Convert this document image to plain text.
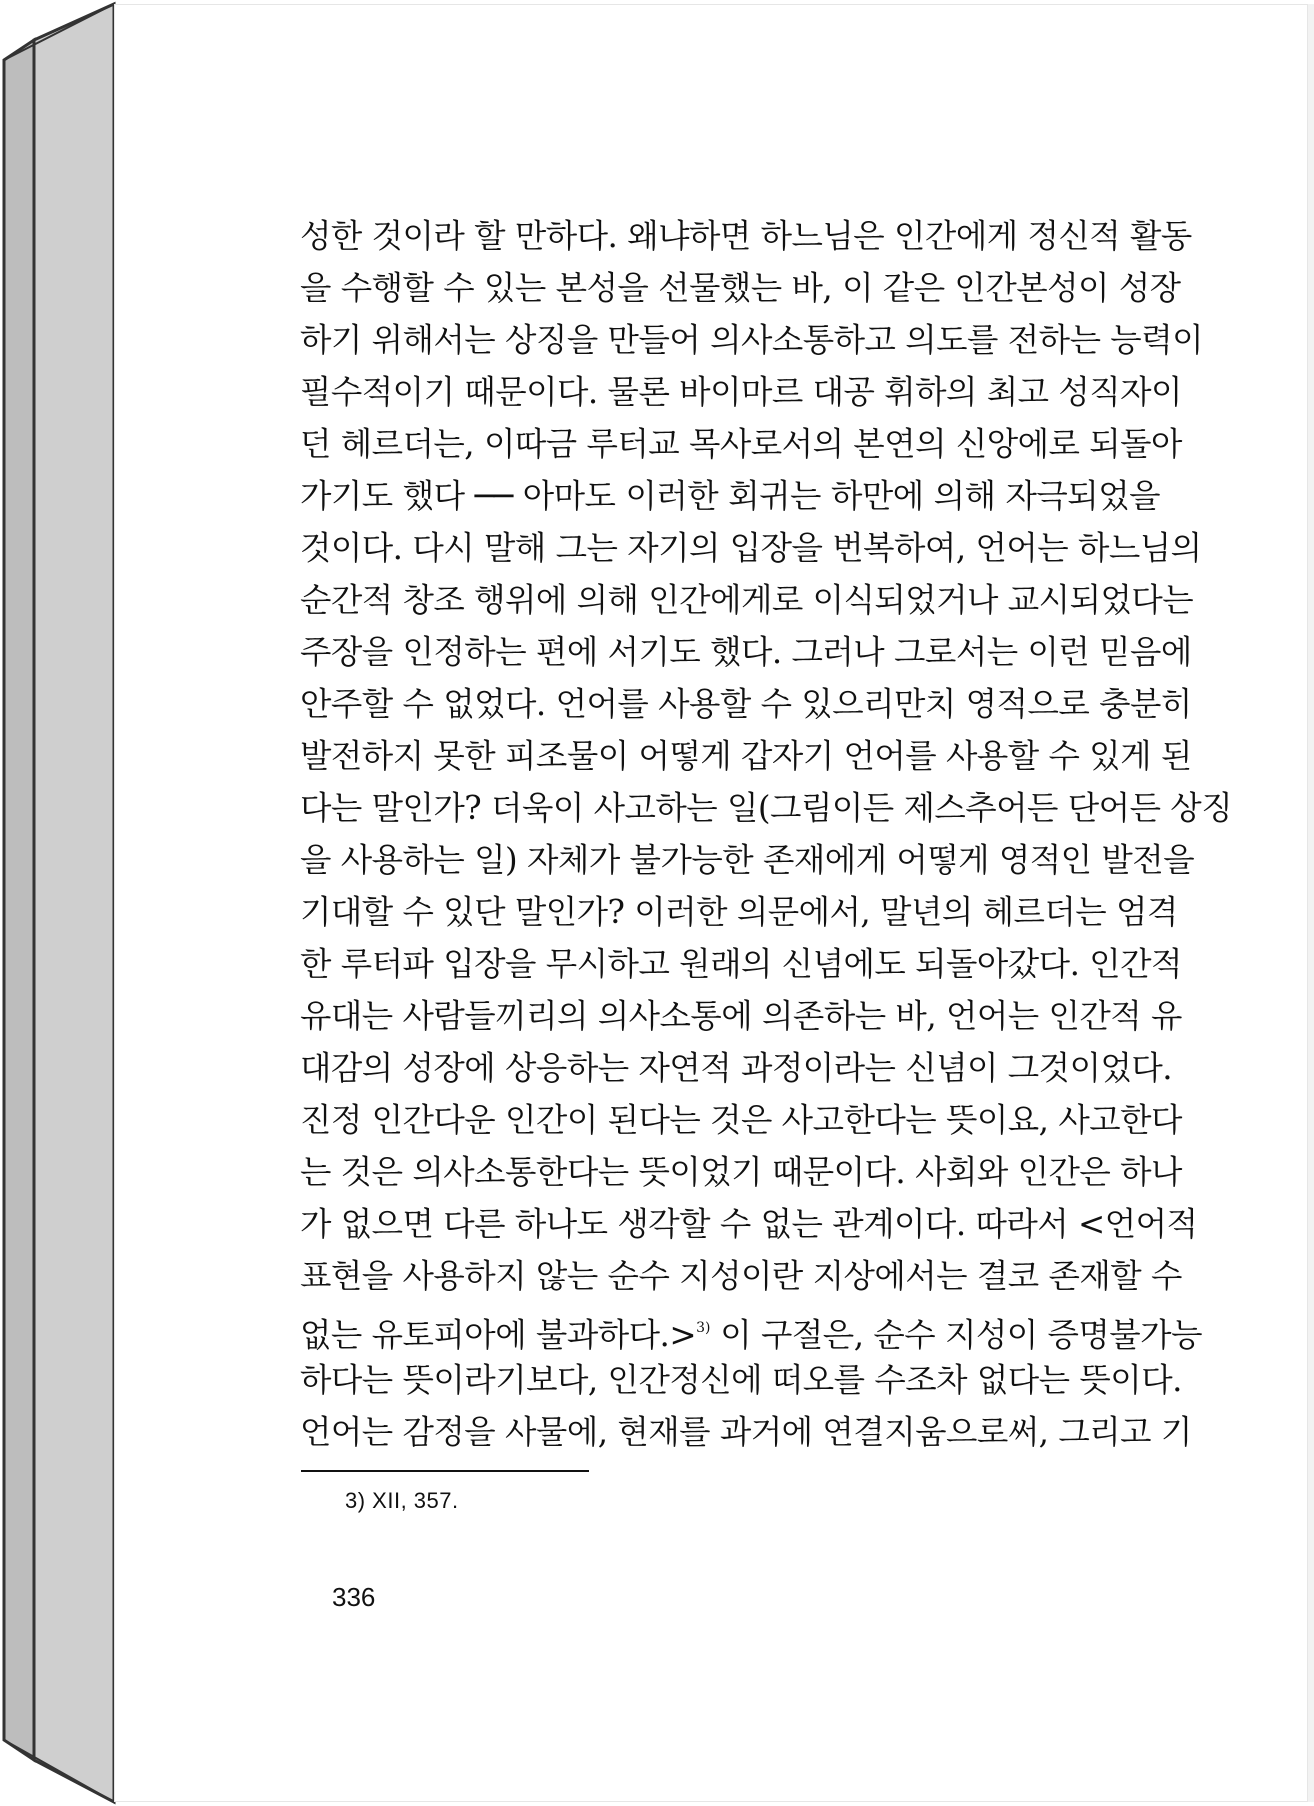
성한 것이라 할 만하다. 왜냐하면 하느님은 인간에게 정신적 활동
을 수행할 수 있는 본성을 선물했는 바, 이 같은 인간본성이 성장
하기 위해서는 상징을 만들어 의사소통하고 의도를 전하는 능력이
필수적이기 때문이다. 물론 바이마르 대공 휘하의 최고 성직자이
던 헤르더는, 이따금 루터교 목사로서의 본연의 신앙에로 되돌아
가기도 했다 ── 아마도 이러한 회귀는 하만에 의해 자극되었을
것이다. 다시 말해 그는 자기의 입장을 번복하여, 언어는 하느님의
순간적 창조 행위에 의해 인간에게로 이식되었거나 교시되었다는
주장을 인정하는 편에 서기도 했다. 그러나 그로서는 이런 믿음에
안주할 수 없었다. 언어를 사용할 수 있으리만치 영적으로 충분히
발전하지 못한 피조물이 어떻게 갑자기 언어를 사용할 수 있게 된
다는 말인가? 더욱이 사고하는 일(그림이든 제스추어든 단어든 상징
을 사용하는 일) 자체가 불가능한 존재에게 어떻게 영적인 발전을
기대할 수 있단 말인가? 이러한 의문에서, 말년의 헤르더는 엄격
한 루터파 입장을 무시하고 원래의 신념에도 되돌아갔다. 인간적
유대는 사람들끼리의 의사소통에 의존하는 바, 언어는 인간적 유
대감의 성장에 상응하는 자연적 과정이라는 신념이 그것이었다.
진정 인간다운 인간이 된다는 것은 사고한다는 뜻이요, 사고한다
는 것은 의사소통한다는 뜻이었기 때문이다. 사회와 인간은 하나
가 없으면 다른 하나도 생각할 수 없는 관계이다. 따라서 <언어적
표현을 사용하지 않는 순수 지성이란 지상에서는 결코 존재할 수
없는 유토피아에 불과하다.>$^{3)}$ 이 구절은, 순수 지성이 증명불가능
하다는 뜻이라기보다, 인간정신에 떠오를 수조차 없다는 뜻이다.
언어는 감정을 사물에, 현재를 과거에 연결지움으로써, 그리고 기
3) XII, 357.
336
